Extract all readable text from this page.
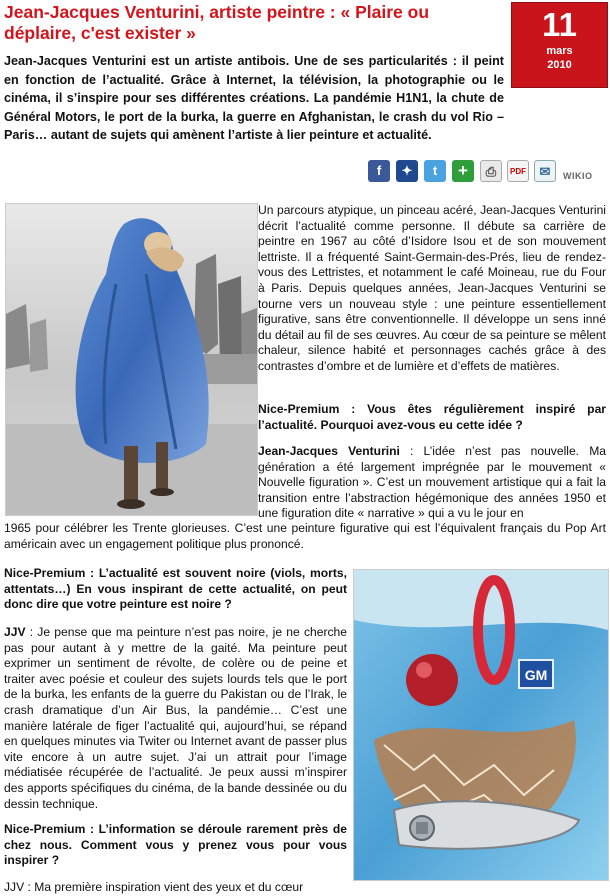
Jean-Jacques Venturini, artiste peintre : « Plaire ou déplaire, c'est exister »	11
mars
2010
Jean-Jacques Venturini est un artiste antibois. Une de ses particularités : il peint en fonction de l’actualité. Grâce à Internet, la télévision, la photographie ou le cinéma, il s’inspire pour ses différentes créations. La pandémie H1N1, la chute de Général Motors, le port de la burka, la guerre en Afghanistan, le crash du vol Rio – Paris… autant de sujets qui amènent l’artiste à lier peinture et actualité.
f	✦	t	+	⎙	PDF	✉	WIKIO
Un parcours atypique, un pinceau acéré, Jean-Jacques Venturini décrit l’actualité comme personne. Il débute sa carrière de peintre en 1967 au côté d’Isidore Isou et de son mouvement lettriste. Il a fréquenté Saint-Germain-des-Prés, lieu de rendez-vous des Lettristes, et notamment le café Moineau, rue du Four à Paris. Depuis quelques années, Jean-Jacques Venturini se tourne vers un nouveau style : une peinture essentiellement figurative, sans être conventionnelle. Il développe un sens inné du détail au fil de ses œuvres. Au cœur de sa peinture se mêlent chaleur, silence habité et personnages cachés grâce à des contrastes d’ombre et de lumière et d’effets de matières.
Nice-Premium : Vous êtes régulièrement inspiré par l’actualité. Pourquoi avez-vous eu cette idée ?
Jean-Jacques Venturini : L’idée n’est pas nouvelle. Ma génération a été largement imprégnée par le mouvement « Nouvelle figuration ». C’est un mouvement artistique qui a fait la transition entre l’abstraction hégémonique des années 1950 et une figuration dite « narrative » qui a vu le jour en
1965 pour célébrer les Trente glorieuses. C’est une peinture figurative qui est l’équivalent français du Pop Art américain avec un engagement politique plus prononcé.
Nice-Premium : L’actualité est souvent noire (viols, morts, attentats…) En vous inspirant de cette actualité, on peut donc dire que votre peinture est noire ?
JJV : Je pense que ma peinture n’est pas noire, je ne cherche pas pour autant à y mettre de la gaité. Ma peinture peut exprimer un sentiment de révolte, de colère ou de peine et traiter avec poésie et couleur des sujets lourds tels que le port de la burka, les enfants de la guerre du Pakistan ou de l’Irak, le crash dramatique d’un Air Bus, la pandémie… C’est une manière latérale de figer l’actualité qui, aujourd’hui, se répand en quelques minutes via Twiter ou Internet avant de passer plus vite encore à un autre sujet. J’ai un attrait pour l’image médiatisée récupérée de l’actualité. Je peux aussi m’inspirer des apports spécifiques du cinéma, de la bande dessinée ou du dessin technique.
Nice-Premium : L’information se déroule rarement près de chez nous. Comment vous y prenez vous pour vous inspirer ?
JJV : Ma première inspiration vient des yeux et du cœur
GM
